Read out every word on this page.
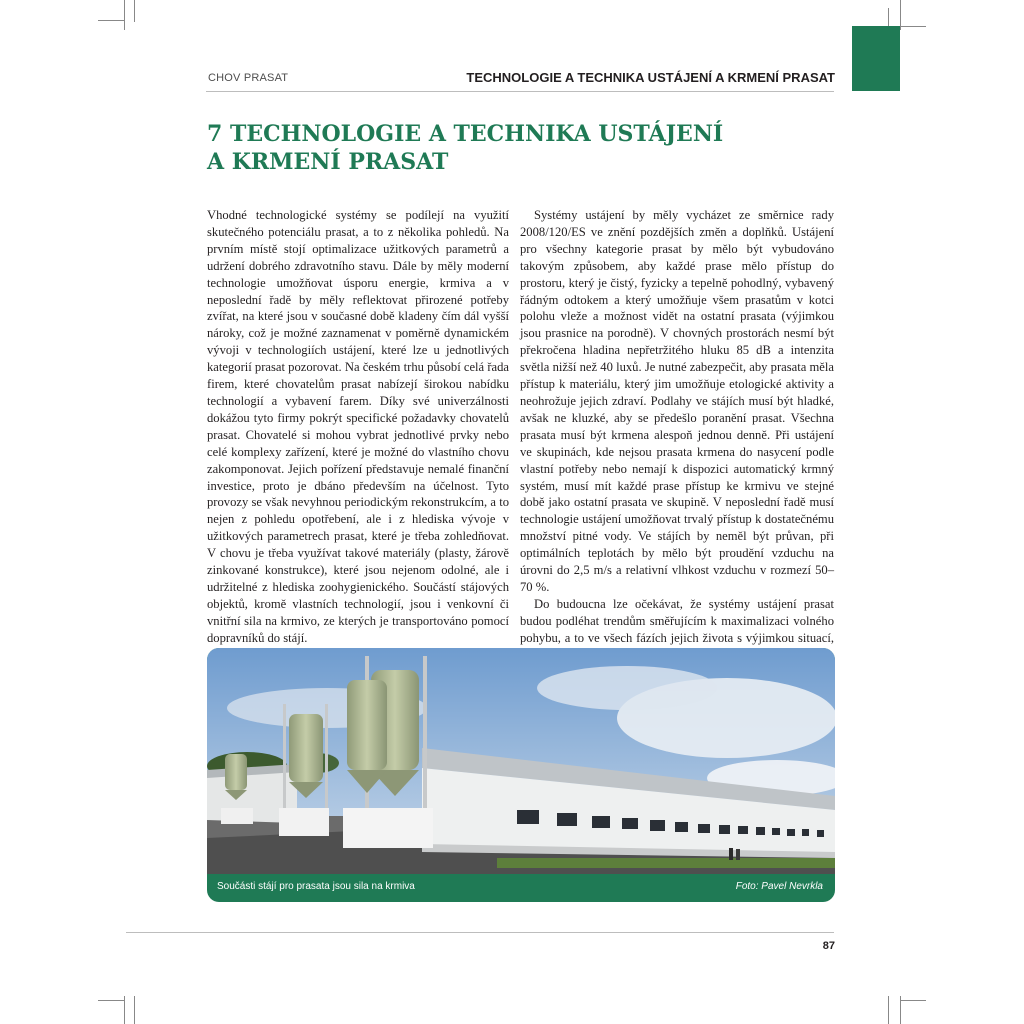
CHOV PRASAT	TECHNOLOGIE A TECHNIKA USTÁJENÍ A KRMENÍ PRASAT
7 TECHNOLOGIE A TECHNIKA USTÁJENÍ
A KRMENÍ PRASAT

Vhodné technologické systémy se podílejí na využití skutečného potenciálu prasat, a to z několika pohledů. Na prvním místě stojí optimalizace užitkových parametrů a udržení dobrého zdravotního stavu. Dále by měly moderní technologie umožňovat úsporu energie, krmiva a v neposlední řadě by měly reflektovat přirozené potřeby zvířat, na které jsou v současné době kladeny čím dál vyšší nároky, což je možné zaznamenat v poměrně dynamickém vývoji v technologiích ustájení, které lze u jednotlivých kategorií prasat pozorovat. Na českém trhu působí celá řada firem, které chovatelům prasat nabízejí širokou nabídku technologií a vybavení farem. Díky své univerzálnosti dokážou tyto firmy pokrýt specifické požadavky chovatelů prasat. Chovatelé si mohou vybrat jednotlivé prvky nebo celé komplexy zařízení, které je možné do vlastního chovu zakomponovat. Jejich pořízení představuje nemalé finanční investice, proto je dbáno především na účelnost. Tyto provozy se však nevyhnou periodickým rekonstrukcím, a to nejen z pohledu opotřebení, ale i z hlediska vývoje v užitkových parametrech prasat, které je třeba zohledňovat. V chovu je třeba využívat takové materiály (plasty, žárově zinkované konstrukce), které jsou nejenom odolné, ale i udržitelné z hlediska zoohygienického. Součástí stájových objektů, kromě vlastních technologií, jsou i venkovní či vnitřní sila na krmivo, ze kterých je transportováno pomocí dopravníků do stájí.

Systémy ustájení by měly vycházet ze směrnice rady 2008/120/ES ve znění pozdějších změn a doplňků. Ustájení pro všechny kategorie prasat by mělo být vybudováno takovým způsobem, aby každé prase mělo přístup do prostoru, který je čistý, fyzicky a tepelně pohodlný, vybavený řádným odtokem a který umožňuje všem prasatům v kotci polohu vleže a možnost vidět na ostatní prasata (výjimkou jsou prasnice na porodně). V chovných prostorách nesmí být překročena hladina nepřetržitého hluku 85 dB a intenzita světla nižší než 40 luxů. Je nutné zabezpečit, aby prasata měla přístup k materiálu, který jim umožňuje etologické aktivity a neohrožuje jejich zdraví. Podlahy ve stájích musí být hladké, avšak ne kluzké, aby se předešlo poranění prasat. Všechna prasata musí být krmena alespoň jednou denně. Při ustájení ve skupinách, kde nejsou prasata krmena do nasycení podle vlastní potřeby nebo nemají k dispozici automatický krmný systém, musí mít každé prase přístup ke krmivu ve stejné době jako ostatní prasata ve skupině. V neposlední řadě musí technologie ustájení umožňovat trvalý přístup k dostatečnému množství pitné vody. Ve stájích by neměl být průvan, při optimálních teplotách by mělo být proudění vzduchu na úrovni do 2,5 m/s a relativní vlhkost vzduchu v rozmezí 50–70 %.

Do budoucna lze očekávat, že systémy ustájení prasat budou podléhat trendům směřujícím k maximalizaci volného pohybu, a to ve všech fázích jejich života s výjimkou situací,

Součásti stájí pro prasata jsou sila na krmiva	Foto: Pavel Nevrkla
87
